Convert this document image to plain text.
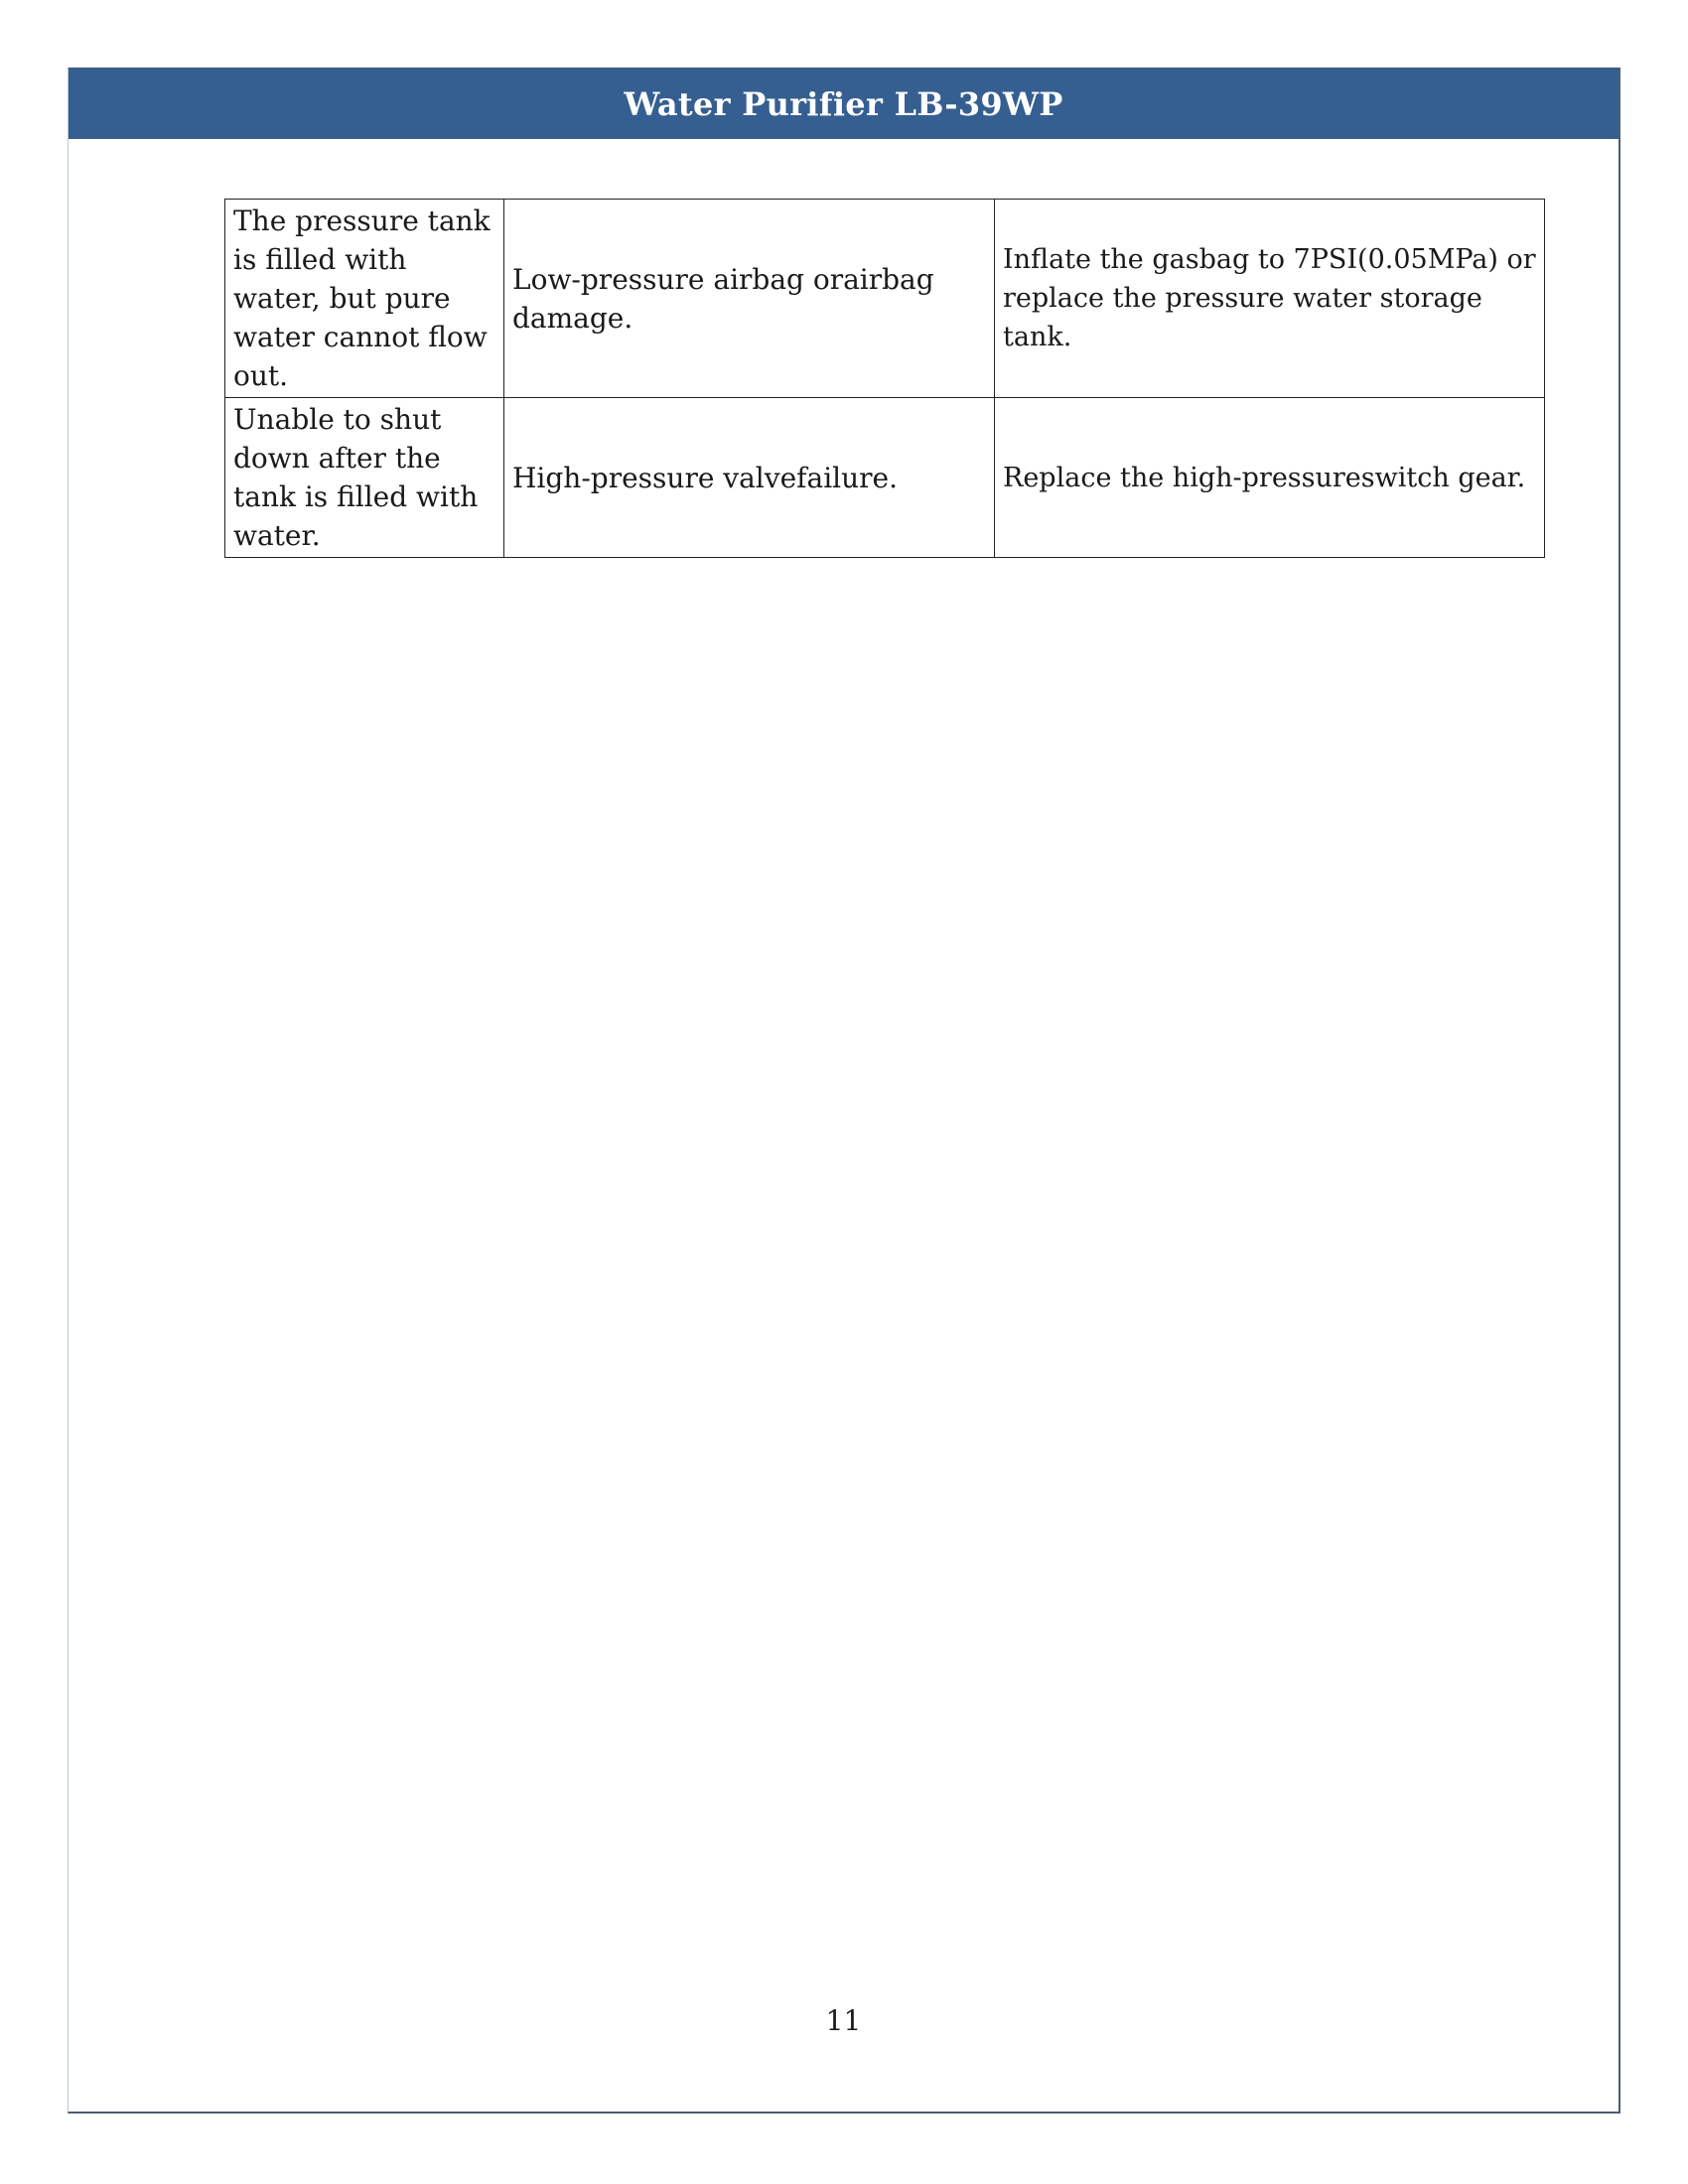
Water Purifier LB-39WP
The pressure tank is filled with water, but pure water cannot flow out.	Low-pressure airbag orairbag damage.	Inflate the gasbag to 7PSI(0.05MPa) or replace the pressure water storage tank.
Unable to shut down after the tank is filled with water.	High-pressure valvefailure.	Replace the high-pressureswitch gear.
11
